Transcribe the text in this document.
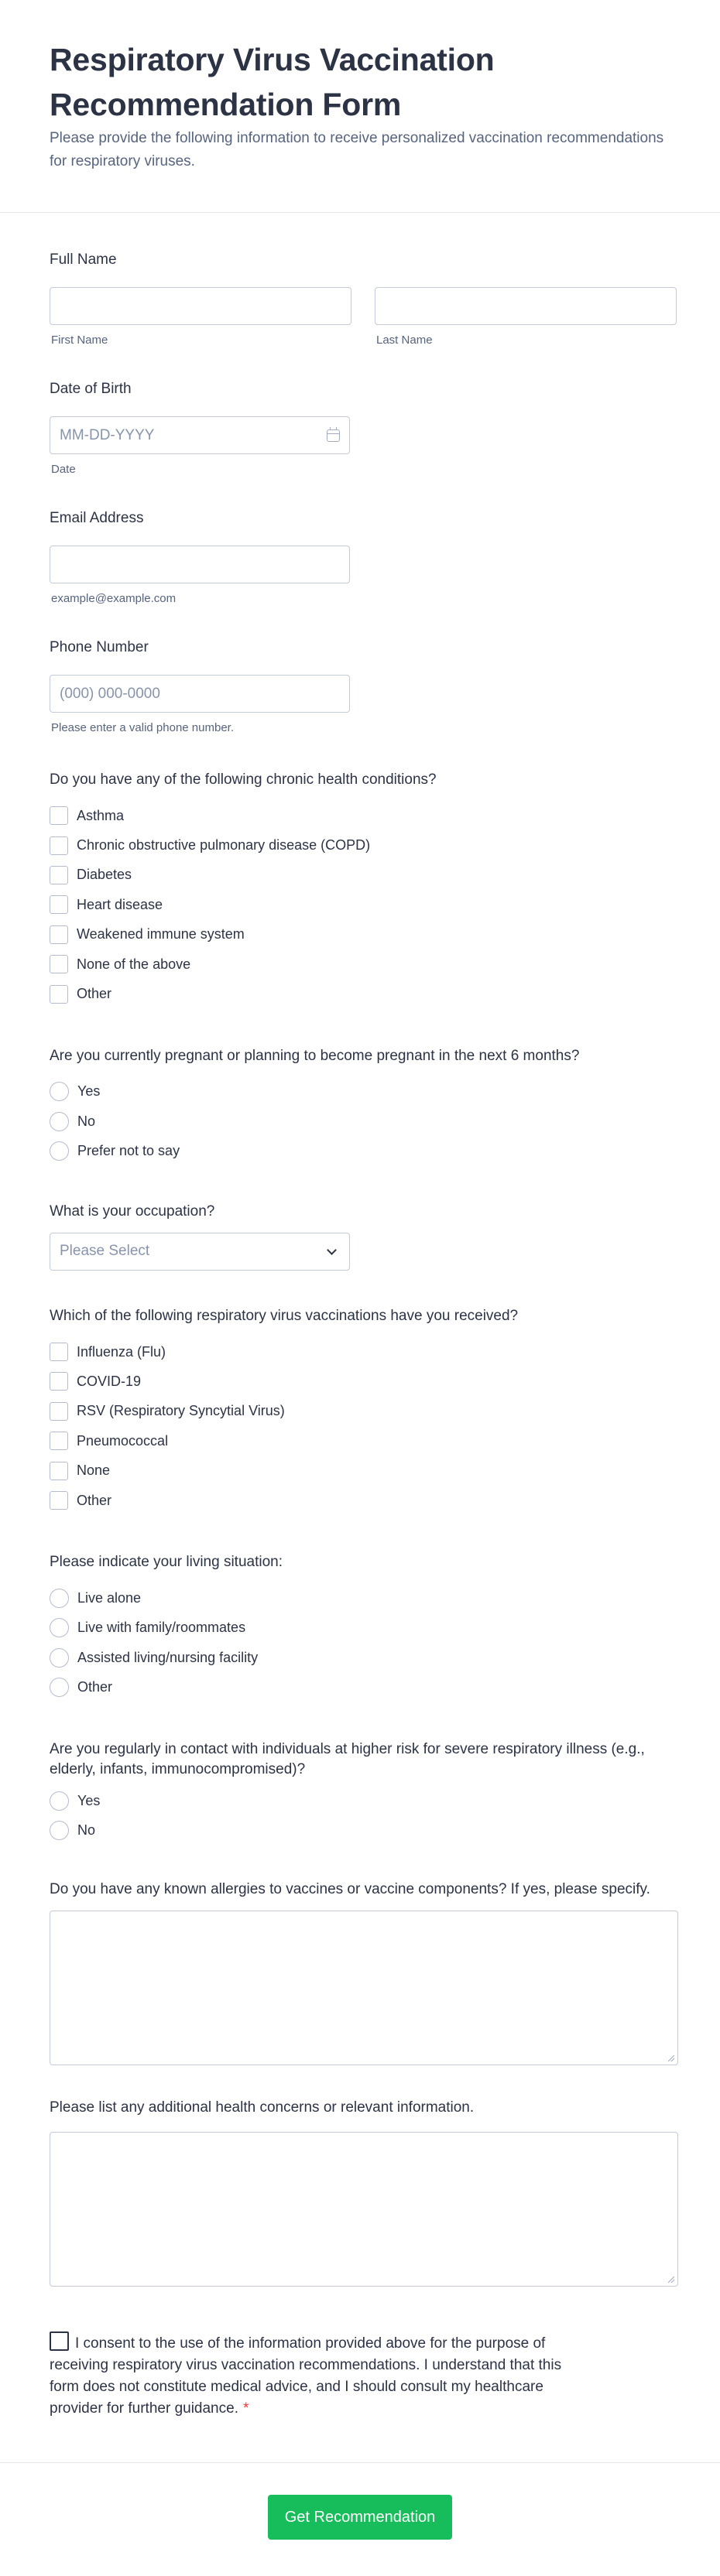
Respiratory Virus Vaccination Recommendation Form

Please provide the following information to receive personalized vaccination recommendations for respiratory viruses.

Full Name
First Name	Last Name
Date of Birth
MM-DD-YYYY
Date
Email Address
example@example.com
Phone Number
(000) 000-0000
Please enter a valid phone number.
Do you have any of the following chronic health conditions?
Asthma
Chronic obstructive pulmonary disease (COPD)
Diabetes
Heart disease
Weakened immune system
None of the above
Other
Are you currently pregnant or planning to become pregnant in the next 6 months?
Yes
No
Prefer not to say
What is your occupation?
Please Select
Which of the following respiratory virus vaccinations have you received?
Influenza (Flu)
COVID-19
RSV (Respiratory Syncytial Virus)
Pneumococcal
None
Other
Please indicate your living situation:
Live alone
Live with family/roommates
Assisted living/nursing facility
Other
Are you regularly in contact with individuals at higher risk for severe respiratory illness (e.g., elderly, infants, immunocompromised)?
Yes
No
Do you have any known allergies to vaccines or vaccine components? If yes, please specify.
Please list any additional health concerns or relevant information.
I consent to the use of the information provided above for the purpose of receiving respiratory virus vaccination recommendations. I understand that this form does not constitute medical advice, and I should consult my healthcare provider for further guidance. *
Get Recommendation
